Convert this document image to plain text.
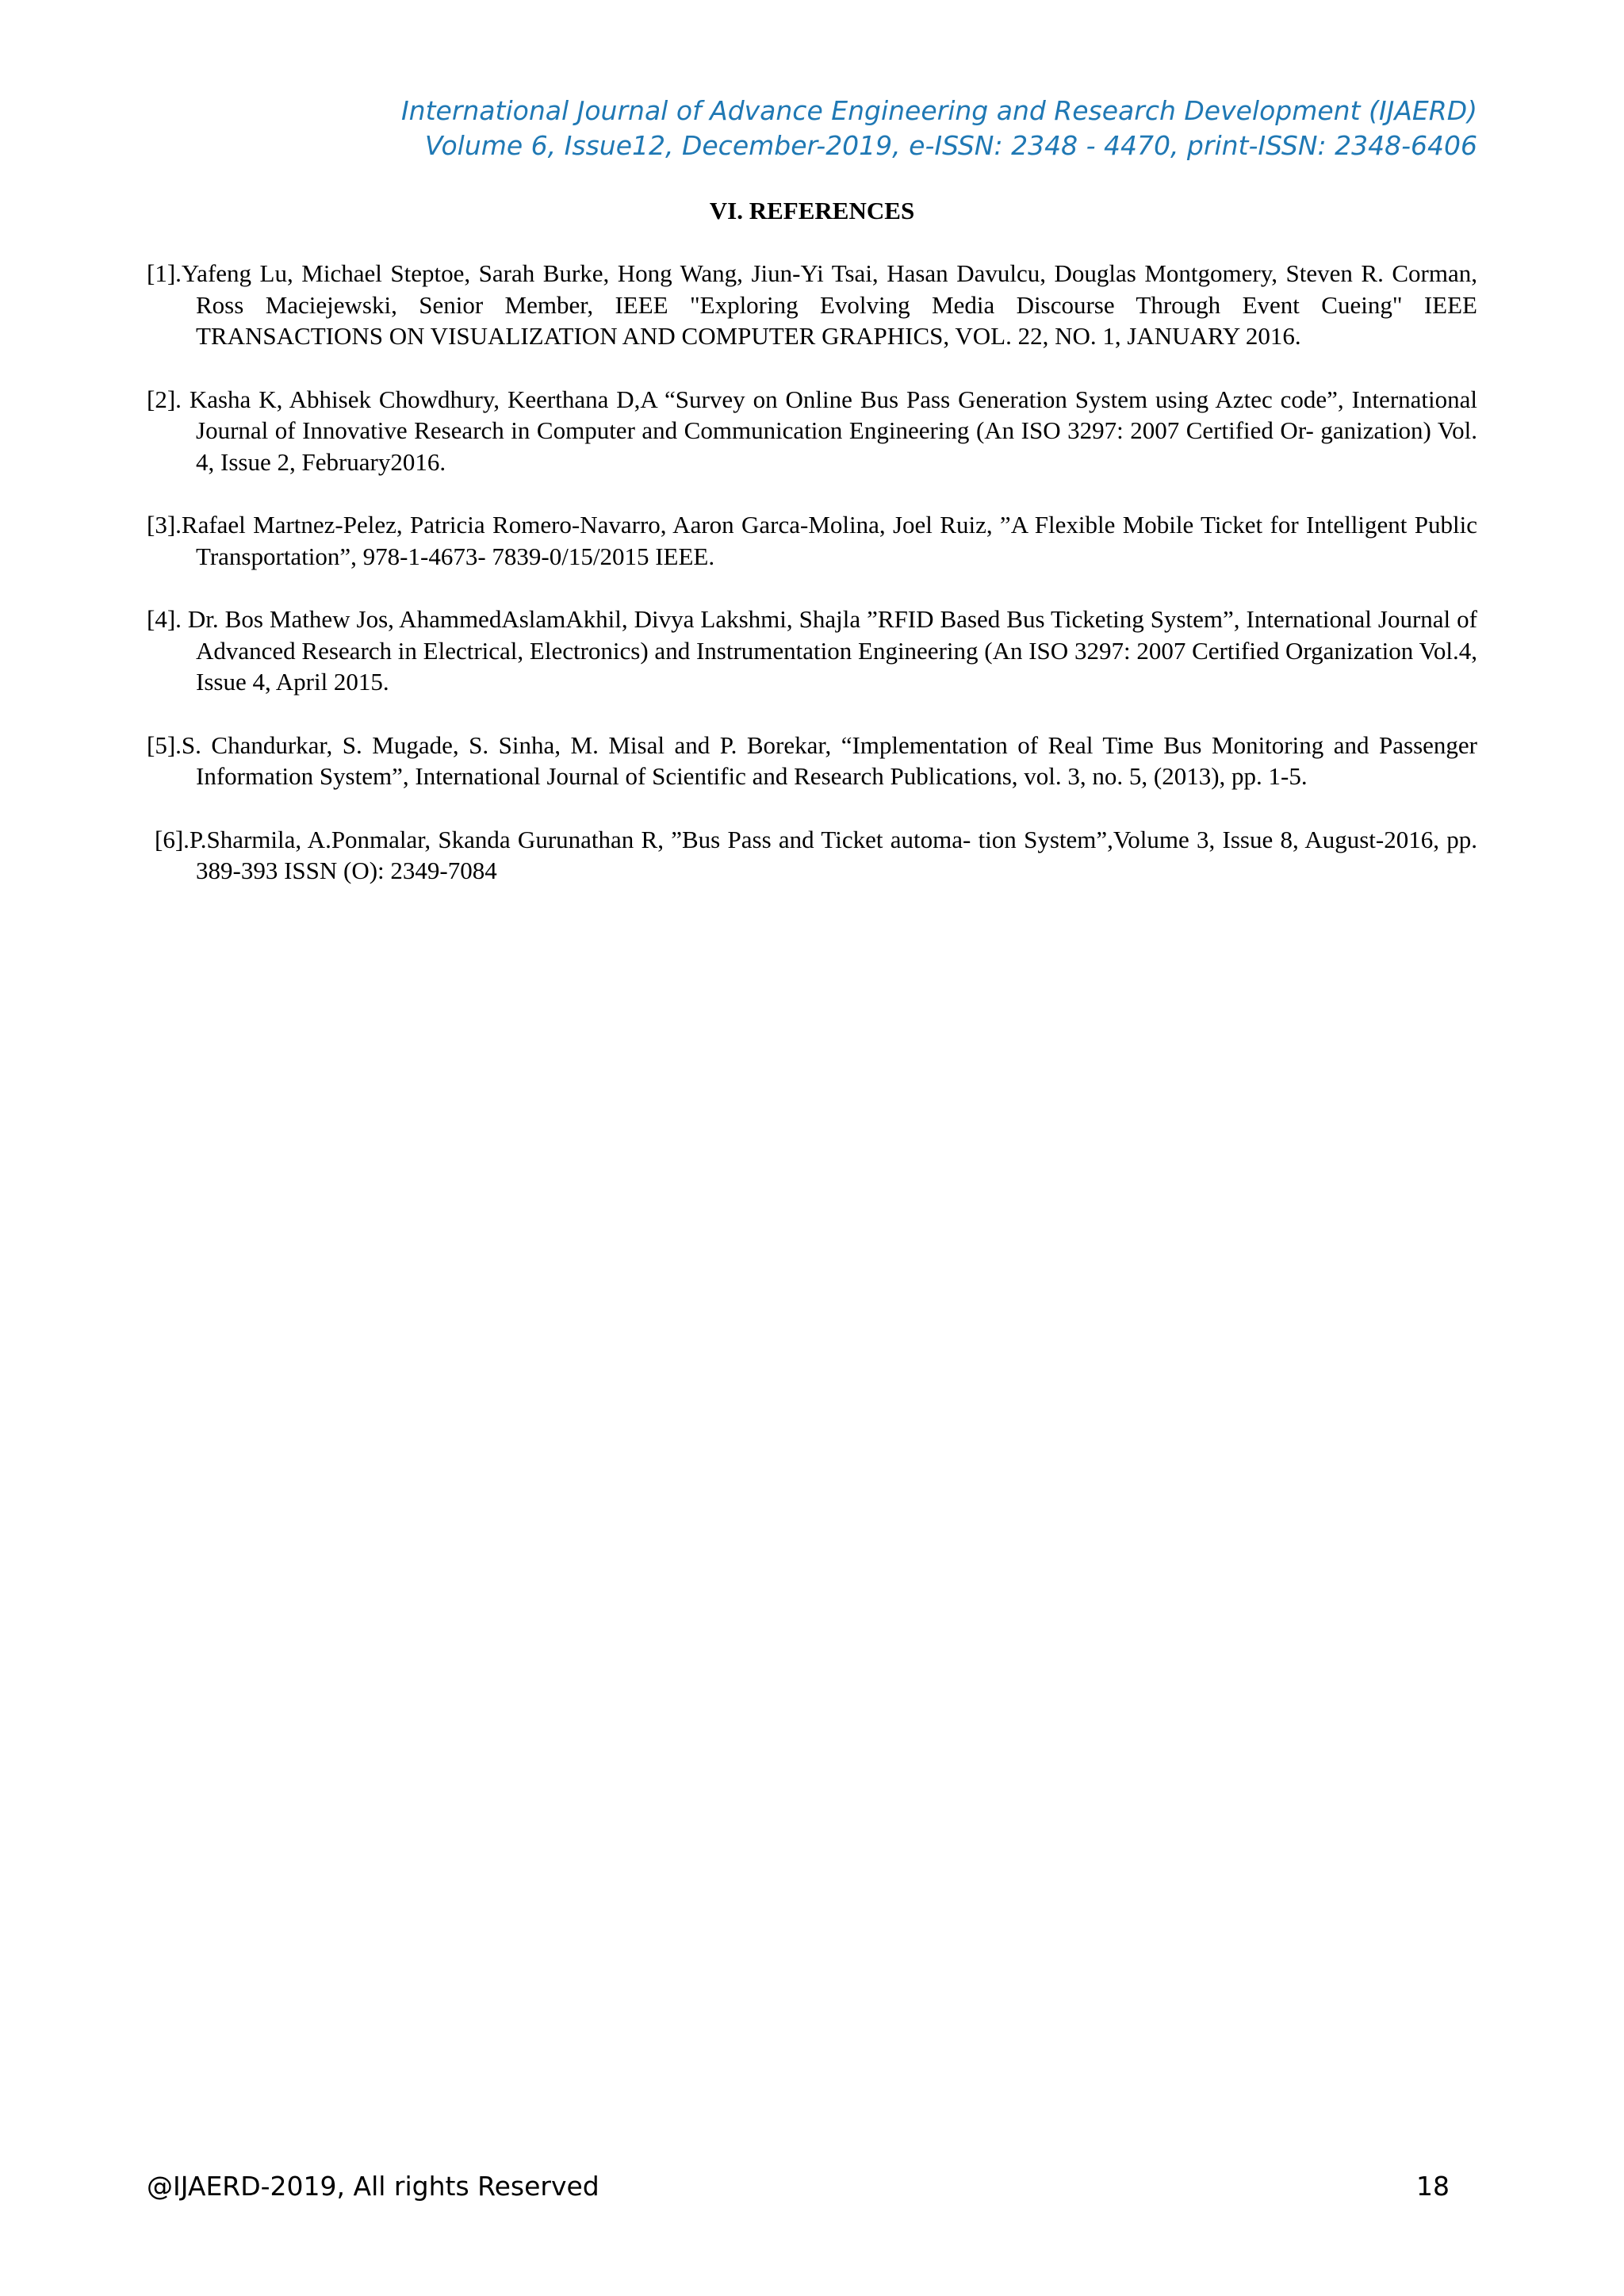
International Journal of Advance Engineering and Research Development (IJAERD)
Volume 6, Issue12, December-2019, e-ISSN: 2348 - 4470, print-ISSN: 2348-6406
VI. REFERENCES
[1].Yafeng Lu, Michael Steptoe, Sarah Burke, Hong Wang, Jiun-Yi Tsai, Hasan Davulcu, Douglas Montgomery, Steven R. Corman, Ross Maciejewski, Senior Member, IEEE "Exploring Evolving Media Discourse Through Event Cueing" IEEE TRANSACTIONS ON VISUALIZATION AND COMPUTER GRAPHICS, VOL. 22, NO. 1, JANUARY 2016.
[2]. Kasha K, Abhisek Chowdhury, Keerthana D,A “Survey on Online Bus Pass Generation System using Aztec code”, International Journal of Innovative Research in Computer and Communication Engineering (An ISO 3297: 2007 Certified Or- ganization) Vol. 4, Issue 2, February2016.
[3].Rafael Martnez-Pelez, Patricia Romero-Navarro, Aaron Garca-Molina, Joel Ruiz, ”A Flexible Mobile Ticket for Intelligent Public Transportation”, 978-1-4673- 7839-0/15/2015 IEEE.
[4]. Dr. Bos Mathew Jos, AhammedAslamAkhil, Divya Lakshmi, Shajla ”RFID Based Bus Ticketing System”, International Journal of Advanced Research in Electrical, Electronics) and Instrumentation Engineering (An ISO 3297: 2007 Certified Organization Vol.4, Issue 4, April 2015.
[5].S. Chandurkar, S. Mugade, S. Sinha, M. Misal and P. Borekar, “Implementation of Real Time Bus Monitoring and Passenger Information System”, International Journal of Scientific and Research Publications, vol. 3, no. 5, (2013), pp. 1-5.
[6].P.Sharmila, A.Ponmalar, Skanda Gurunathan R, ”Bus Pass and Ticket automa- tion System”,Volume 3, Issue 8, August-2016, pp. 389-393 ISSN (O): 2349-7084
@IJAERD-2019, All rights Reserved	18
